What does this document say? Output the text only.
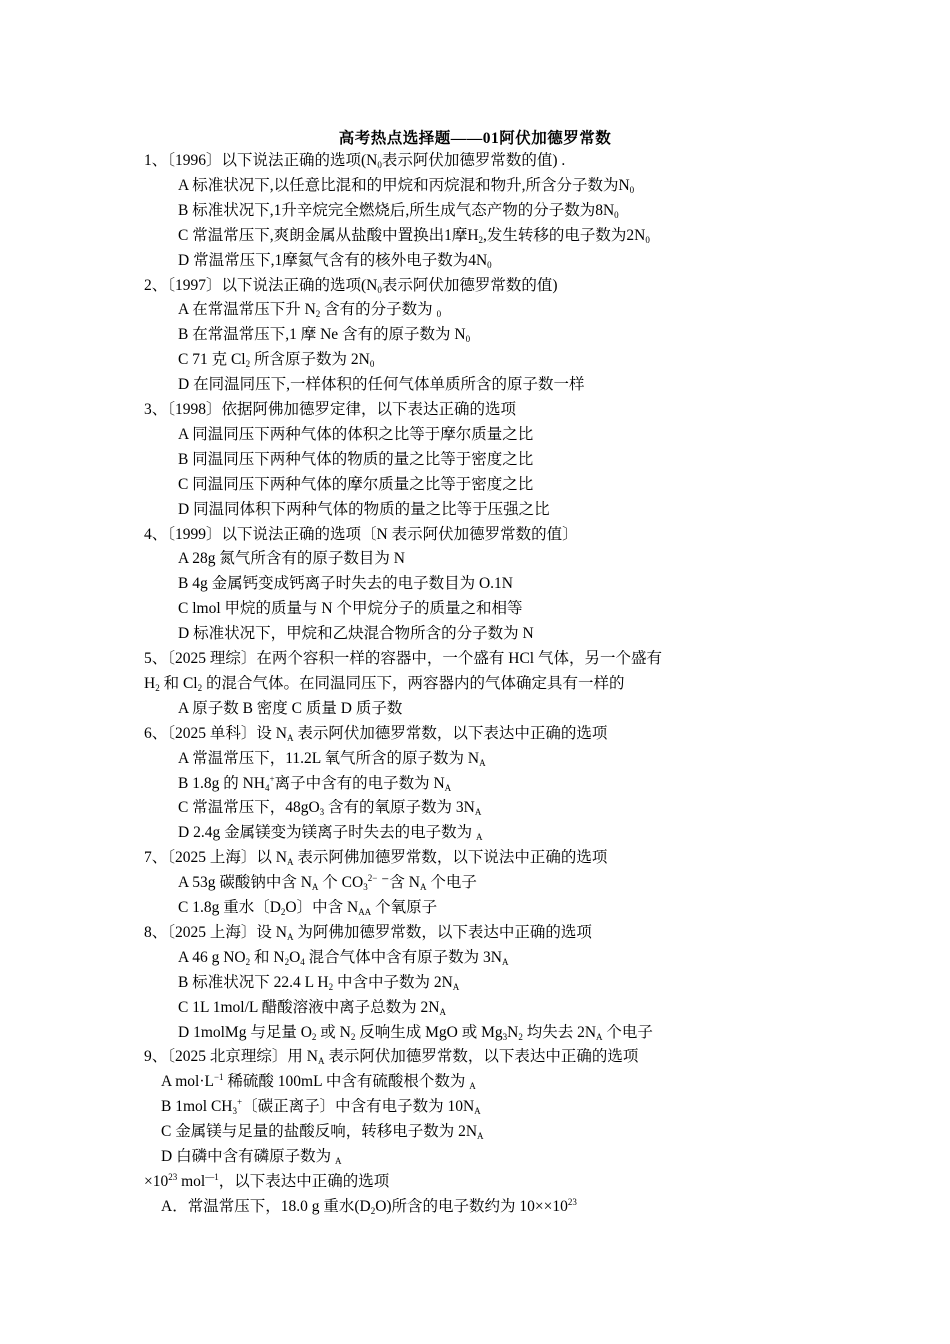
高考热点选择题——01阿伏加德罗常数
1、〔1996〕以下说法正确的选项($N_0$表示阿伏加德罗常数的值) .
A 标准状况下,以任意比混和的甲烷和丙烷混和物升,所含分子数为$N_0$
B 标准状况下,1升辛烷完全燃烧后,所生成气态产物的分子数为$8N_0$
C 常温常压下,爽朗金属从盐酸中置换出1摩$H_2$,发生转移的电子数为$2N_0$
D 常温常压下,1摩氦气含有的核外电子数为$4N_0$
2、〔1997〕以下说法正确的选项($N_0$表示阿伏加德罗常数的值)
A 在常温常压下升 $N_2$ 含有的分子数为 $_0$
B 在常温常压下,1 摩 Ne 含有的原子数为 $N_0$
C 71 克 $Cl_2$ 所含原子数为 $2N_0$
D 在同温同压下,一样体积的任何气体单质所含的原子数一样
3、〔1998〕依据阿佛加德罗定律，以下表达正确的选项
A 同温同压下两种气体的体积之比等于摩尔质量之比
B 同温同压下两种气体的物质的量之比等于密度之比
C 同温同压下两种气体的摩尔质量之比等于密度之比
D 同温同体积下两种气体的物质的量之比等于压强之比
4、〔1999〕以下说法正确的选项〔N 表示阿伏加德罗常数的值〕
A 28g 氮气所含有的原子数目为 N
B 4g 金属钙变成钙离子时失去的电子数目为 O.1N
C lmol 甲烷的质量与 N 个甲烷分子的质量之和相等
D 标准状况下，甲烷和乙炔混合物所含的分子数为 N
5、〔2025 理综〕在两个容积一样的容器中，一个盛有 HCl 气体，另一个盛有
$H_2$ 和 $Cl_2$ 的混合气体。在同温同压下，两容器内的气体确定具有一样的
A 原子数 B 密度 C 质量 D 质子数
6、〔2025 单科〕设 $N_A$ 表示阿伏加德罗常数，以下表达中正确的选项
A 常温常压下，11.2L 氧气所含的原子数为 $N_A$
B 1.8g 的 $NH_4^+$离子中含有的电子数为 $N_A$
C 常温常压下，$48gO_3$ 含有的氧原子数为 $3N_A$
D 2.4g 金属镁变为镁离子时失去的电子数为 $_A$
7、〔2025 上海〕以 $N_A$ 表示阿佛加德罗常数，以下说法中正确的选项
A 53g 碳酸钠中含 $N_A$ 个 $CO_3^{2-}$ ⁻含 $N_A$ 个电子
C 1.8g 重水〔$D_2O$〕中含 $N_{AA}$ 个氧原子
8、〔2025 上海〕设 $N_A$ 为阿佛加德罗常数，以下表达中正确的选项
A 46 g $NO_2$ 和 $N_2O_4$ 混合气体中含有原子数为 $3N_A$
B 标准状况下 22.4 L $H_2$ 中含中子数为 $2N_A$
C 1L 1mol/L 醋酸溶液中离子总数为 $2N_A$
D 1molMg 与足量 $O_2$ 或 $N_2$ 反响生成 MgO 或 $Mg_3N_2$ 均失去 $2N_A$ 个电子
9、〔2025 北京理综〕用 $N_A$ 表示阿伏加德罗常数，以下表达中正确的选项
A $mol\cdot L^{-1}$ 稀硫酸 100mL 中含有硫酸根个数为 $_A$
B 1mol $CH_3^+$〔碳正离子〕中含有电子数为 $10N_A$
C 金属镁与足量的盐酸反响，转移电子数为 $2N_A$
D 白磷中含有磷原子数为 $_A$
$\times 10^{23}$ mol$^{—1}$，以下表达中正确的选项
A．常温常压下，18.0 g 重水$(D_2O)$所含的电子数约为 $10\times\times 10^{23}$
